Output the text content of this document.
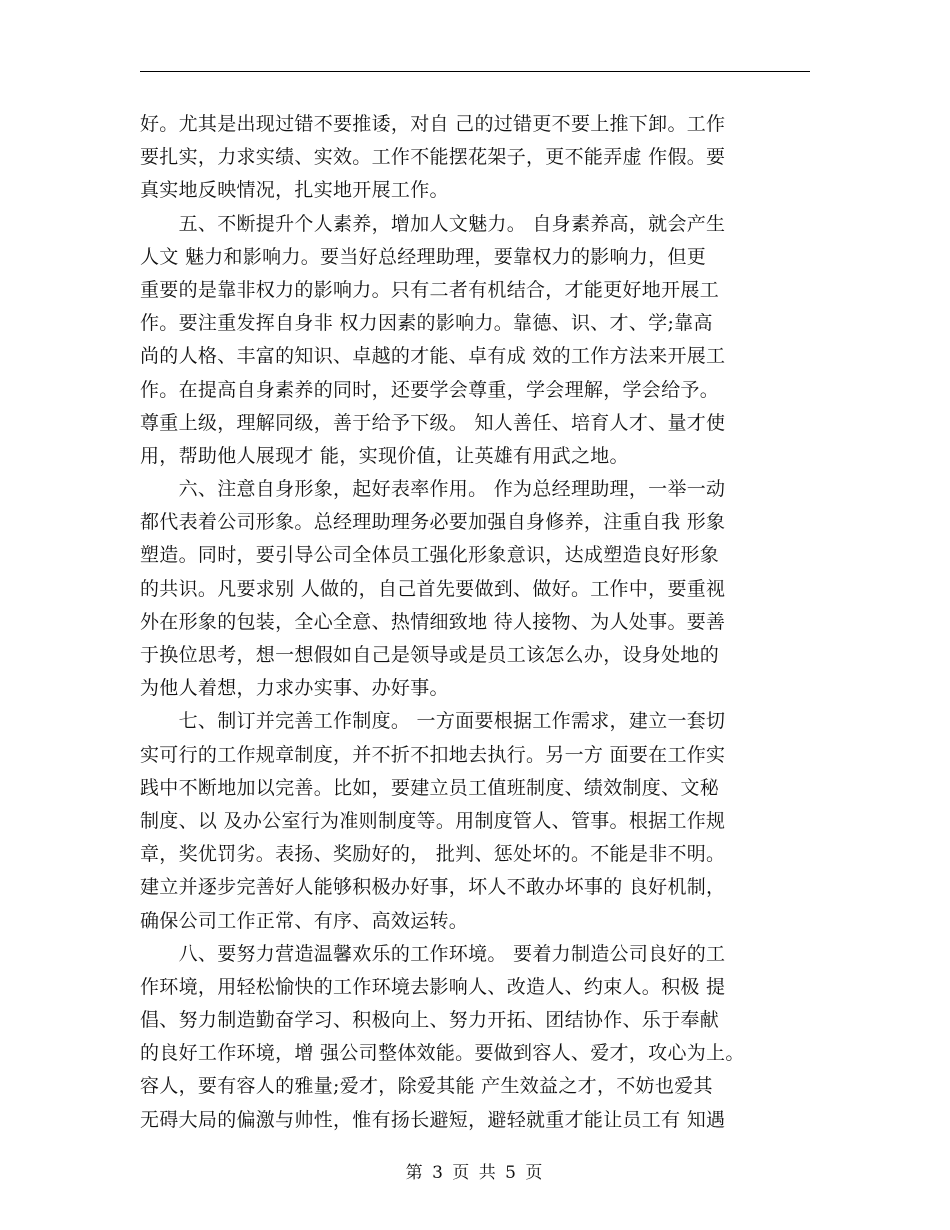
好。尤其是出现过错不要推诿，对自 己的过错更不要上推下卸。工作
要扎实，力求实绩、实效。工作不能摆花架子，更不能弄虚 作假。要
真实地反映情况，扎实地开展工作。
　　五、不断提升个人素养，增加人文魅力。 自身素养高，就会产生
人文 魅力和影响力。要当好总经理助理，要靠权力的影响力，但更
重要的是靠非权力的影响力。只有二者有机结合，才能更好地开展工
作。要注重发挥自身非 权力因素的影响力。靠德、识、才、学;靠高
尚的人格、丰富的知识、卓越的才能、卓有成 效的工作方法来开展工
作。在提高自身素养的同时，还要学会尊重，学会理解，学会给予。
尊重上级，理解同级，善于给予下级。 知人善任、培育人才、量才使
用，帮助他人展现才 能，实现价值，让英雄有用武之地。
　　六、注意自身形象，起好表率作用。 作为总经理助理，一举一动
都代表着公司形象。总经理助理务必要加强自身修养，注重自我 形象
塑造。同时，要引导公司全体员工强化形象意识，达成塑造良好形象
的共识。凡要求别 人做的，自己首先要做到、做好。工作中，要重视
外在形象的包装，全心全意、热情细致地 待人接物、为人处事。要善
于换位思考，想一想假如自己是领导或是员工该怎么办，设身处地的
为他人着想，力求办实事、办好事。
　　七、制订并完善工作制度。 一方面要根据工作需求，建立一套切
实可行的工作规章制度，并不折不扣地去执行。另一方 面要在工作实
践中不断地加以完善。比如，要建立员工值班制度、绩效制度、文秘
制度、以 及办公室行为准则制度等。用制度管人、管事。根据工作规
章，奖优罚劣。表扬、奖励好的， 批判、惩处坏的。不能是非不明。
建立并逐步完善好人能够积极办好事，坏人不敢办坏事的 良好机制，
确保公司工作正常、有序、高效运转。
　　八、要努力营造温馨欢乐的工作环境。 要着力制造公司良好的工
作环境，用轻松愉快的工作环境去影响人、改造人、约束人。积极 提
倡、努力制造勤奋学习、积极向上、努力开拓、团结协作、乐于奉献
的良好工作环境，增 强公司整体效能。要做到容人、爱才，攻心为上。
容人，要有容人的雅量;爱才，除爱其能 产生效益之才，不妨也爱其
无碍大局的偏激与帅性，惟有扬长避短，避轻就重才能让员工有 知遇
第 3 页 共 5 页
